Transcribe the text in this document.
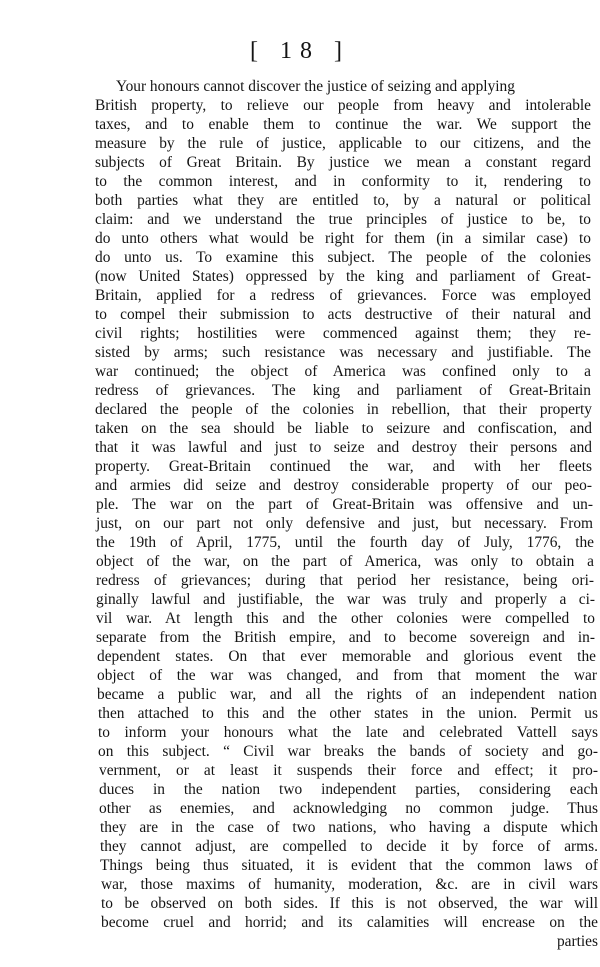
[ 18 ]
Your honours cannot discover the justice of seizing and applying
British property, to relieve our people from heavy and intolerable
taxes, and to enable them to continue the war. We support the
measure by the rule of justice, applicable to our citizens, and the
subjects of Great Britain. By justice we mean a constant regard
to the common interest, and in conformity to it, rendering to
both parties what they are entitled to, by a natural or political
claim: and we understand the true principles of justice to be, to
do unto others what would be right for them (in a similar case) to
do unto us. To examine this subject. The people of the colonies
(now United States) oppressed by the king and parliament of Great-
Britain, applied for a redress of grievances. Force was employed
to compel their submission to acts destructive of their natural and
civil rights; hostilities were commenced against them; they re-
sisted by arms; such resistance was necessary and justifiable. The
war continued; the object of America was confined only to a
redress of grievances. The king and parliament of Great-Britain
declared the people of the colonies in rebellion, that their property
taken on the sea should be liable to seizure and confiscation, and
that it was lawful and just to seize and destroy their persons and
property. Great-Britain continued the war, and with her fleets
and armies did seize and destroy considerable property of our peo-
ple. The war on the part of Great-Britain was offensive and un-
just, on our part not only defensive and just, but necessary. From
the 19th of April, 1775, until the fourth day of July, 1776, the
object of the war, on the part of America, was only to obtain a
redress of grievances; during that period her resistance, being ori-
ginally lawful and justifiable, the war was truly and properly a ci-
vil war. At length this and the other colonies were compelled to
separate from the British empire, and to become sovereign and in-
dependent states. On that ever memorable and glorious event the
object of the war was changed, and from that moment the war
became a public war, and all the rights of an independent nation
then attached to this and the other states in the union. Permit us
to inform your honours what the late and celebrated Vattell says
on this subject. “ Civil war breaks the bands of society and go-
vernment, or at least it suspends their force and effect; it pro-
duces in the nation two independent parties, considering each
other as enemies, and acknowledging no common judge. Thus
they are in the case of two nations, who having a dispute which
they cannot adjust, are compelled to decide it by force of arms.
Things being thus situated, it is evident that the common laws of
war, those maxims of humanity, moderation, &c. are in civil wars
to be observed on both sides. If this is not observed, the war will
become cruel and horrid; and its calamities will encrease on the
parties
